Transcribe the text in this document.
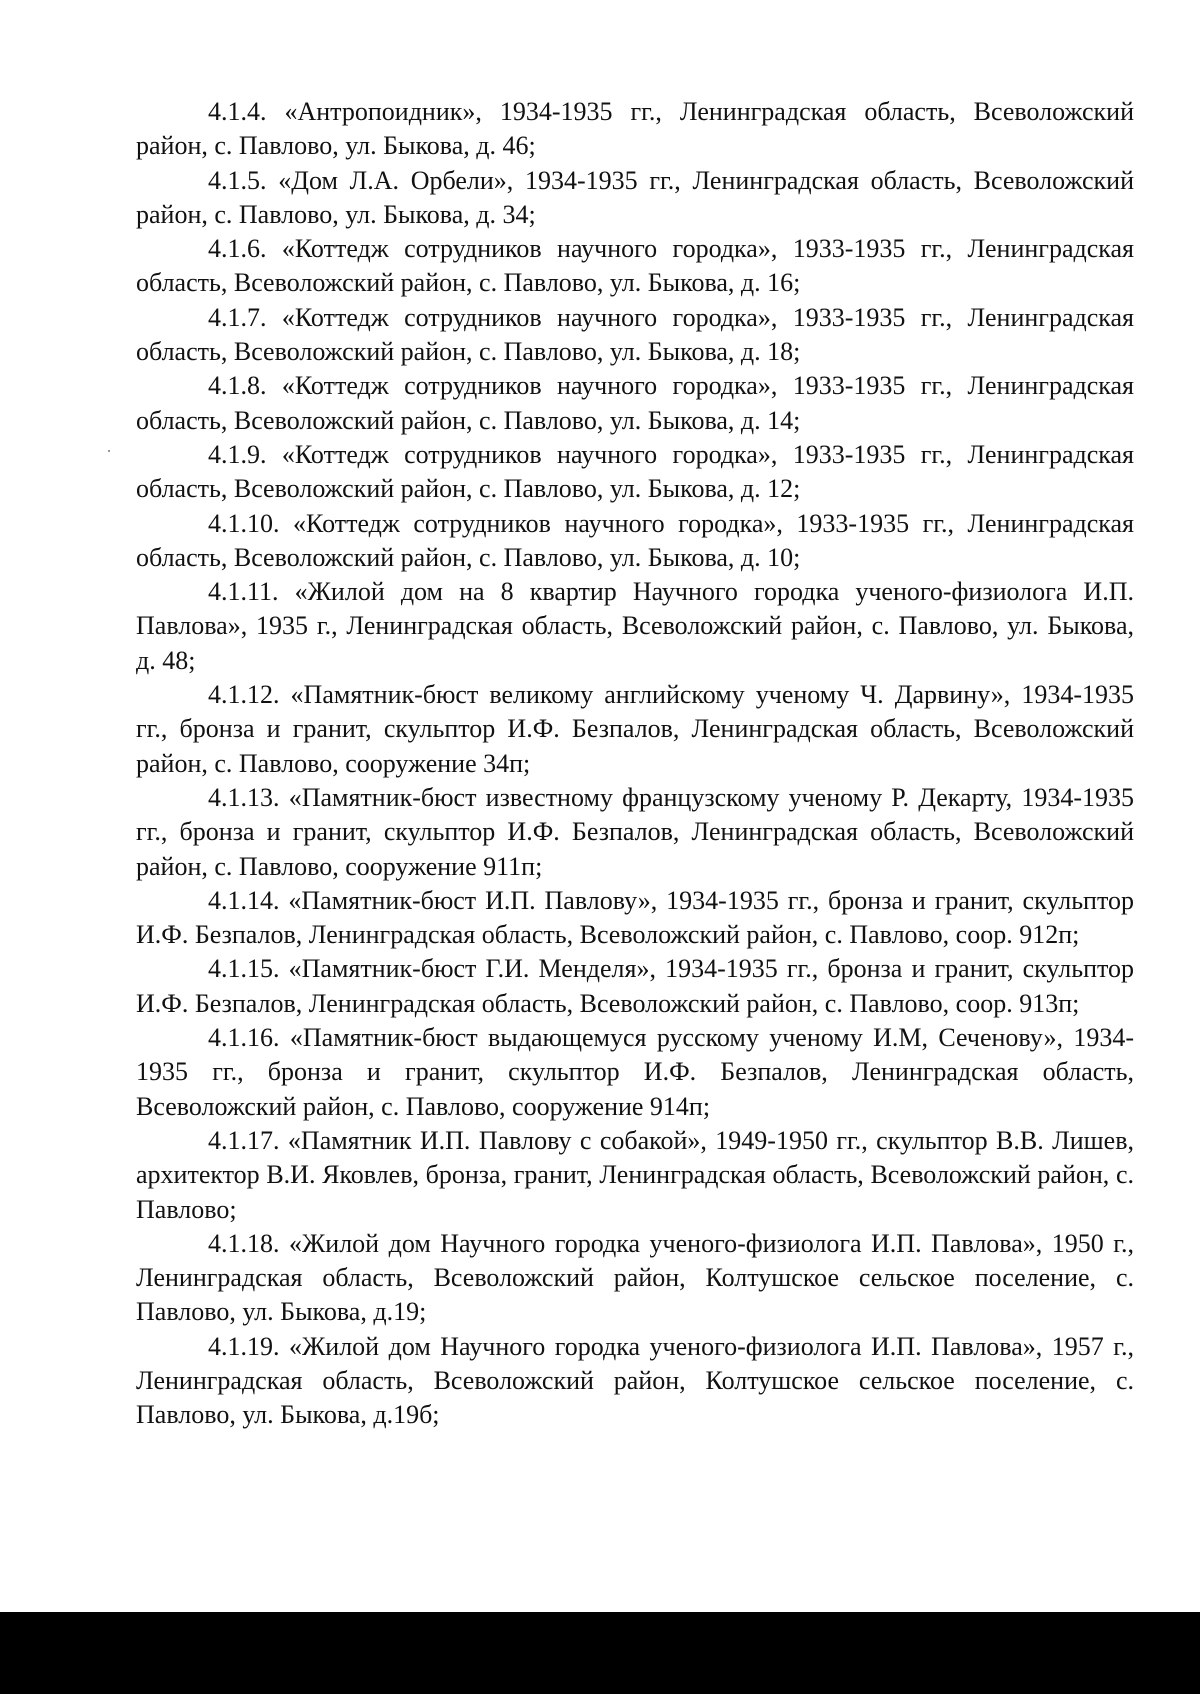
4.1.4. «Антропоидник», 1934-1935 гг., Ленинградская область, Всеволожский район, с. Павлово, ул. Быкова, д. 46;

4.1.5. «Дом Л.А. Орбели», 1934-1935 гг., Ленинградская область, Всеволожский район, с. Павлово, ул. Быкова, д. 34;

4.1.6. «Коттедж сотрудников научного городка», 1933-1935 гг., Ленинградская область, Всеволожский район, с. Павлово, ул. Быкова, д. 16;

4.1.7. «Коттедж сотрудников научного городка», 1933-1935 гг., Ленинградская область, Всеволожский район, с. Павлово, ул. Быкова, д. 18;

4.1.8. «Коттедж сотрудников научного городка», 1933-1935 гг., Ленинградская область, Всеволожский район, с. Павлово, ул. Быкова, д. 14;

4.1.9. «Коттедж сотрудников научного городка», 1933-1935 гг., Ленинградская область, Всеволожский район, с. Павлово, ул. Быкова, д. 12;

4.1.10. «Коттедж сотрудников научного городка», 1933-1935 гг., Ленинградская область, Всеволожский район, с. Павлово, ул. Быкова, д. 10;

4.1.11. «Жилой дом на 8 квартир Научного городка ученого-физиолога И.П. Павлова», 1935 г., Ленинградская область, Всеволожский район, с. Павлово, ул. Быкова, д. 48;

4.1.12. «Памятник-бюст великому английскому ученому Ч. Дарвину», 1934-1935 гг., бронза и гранит, скульптор И.Ф. Безпалов, Ленинградская область, Всеволожский район, с. Павлово, сооружение 34п;

4.1.13. «Памятник-бюст известному французскому ученому Р. Декарту, 1934-1935 гг., бронза и гранит, скульптор И.Ф. Безпалов, Ленинградская область, Всеволожский район, с. Павлово, сооружение 911п;

4.1.14. «Памятник-бюст И.П. Павлову», 1934-1935 гг., бронза и гранит, скульптор И.Ф. Безпалов, Ленинградская область, Всеволожский район, с. Павлово, соор. 912п;

4.1.15. «Памятник-бюст Г.И. Менделя», 1934-1935 гг., бронза и гранит, скульптор И.Ф. Безпалов, Ленинградская область, Всеволожский район, с. Павлово, соор. 913п;

4.1.16. «Памятник-бюст выдающемуся русскому ученому И.М, Сеченову», 1934-1935 гг., бронза и гранит, скульптор И.Ф. Безпалов, Ленинградская область, Всеволожский район, с. Павлово, сооружение 914п;

4.1.17. «Памятник И.П. Павлову с собакой», 1949-1950 гг., скульптор В.В. Лишев, архитектор В.И. Яковлев, бронза, гранит, Ленинградская область, Всеволожский район, с. Павлово;

4.1.18. «Жилой дом Научного городка ученого-физиолога И.П. Павлова», 1950 г., Ленинградская область, Всеволожский район, Колтушское сельское поселение, с. Павлово, ул. Быкова, д.19;

4.1.19. «Жилой дом Научного городка ученого-физиолога И.П. Павлова», 1957 г., Ленинградская область, Всеволожский район, Колтушское сельское поселение, с. Павлово, ул. Быкова, д.19б;
